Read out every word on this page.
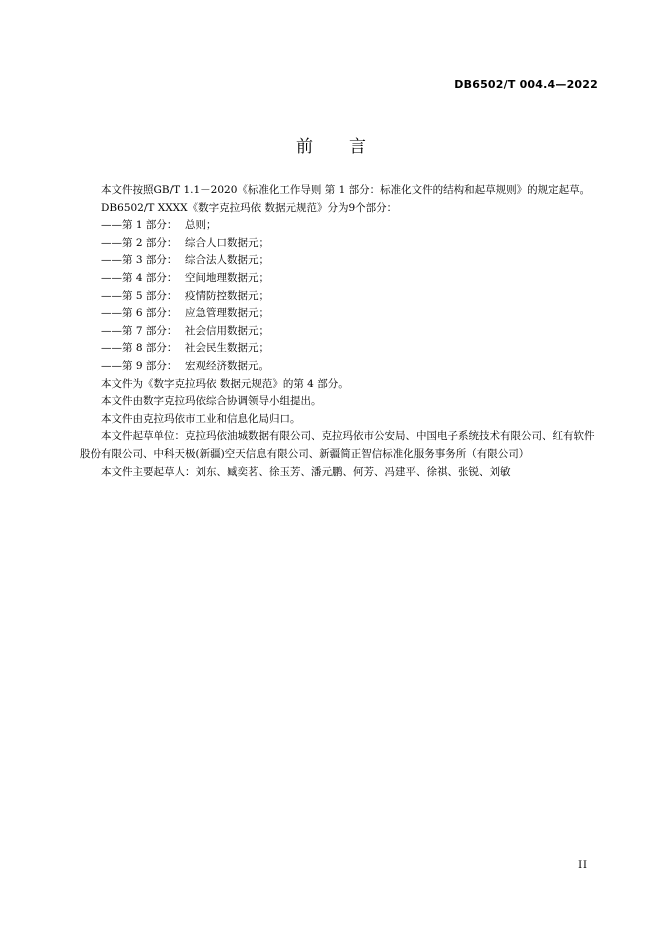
DB6502/T 004.4—2022
前言

本文件按照GB/T 1.1－2020《标准化工作导则 第 1 部分：标准化文件的结构和起草规则》的规定起草。

DB6502/T XXXX《数字克拉玛依 数据元规范》分为9个部分：

——第 1 部分： 总则；
——第 2 部分： 综合人口数据元；
——第 3 部分： 综合法人数据元；
——第 4 部分： 空间地理数据元；
——第 5 部分： 疫情防控数据元；
——第 6 部分： 应急管理数据元；
——第 7 部分： 社会信用数据元；
——第 8 部分： 社会民生数据元；
——第 9 部分： 宏观经济数据元。

本文件为《数字克拉玛依 数据元规范》的第 4 部分。

本文件由数字克拉玛依综合协调领导小组提出。

本文件由克拉玛依市工业和信息化局归口。

本文件起草单位：克拉玛依油城数据有限公司、克拉玛依市公安局、中国电子系统技术有限公司、红有软件股份有限公司、中科天极(新疆)空天信息有限公司、新疆简正智信标准化服务事务所（有限公司）

本文件主要起草人：刘东、臧奕茗、徐玉芳、潘元鹏、何芳、冯建平、徐祺、张锐、刘敏

II
